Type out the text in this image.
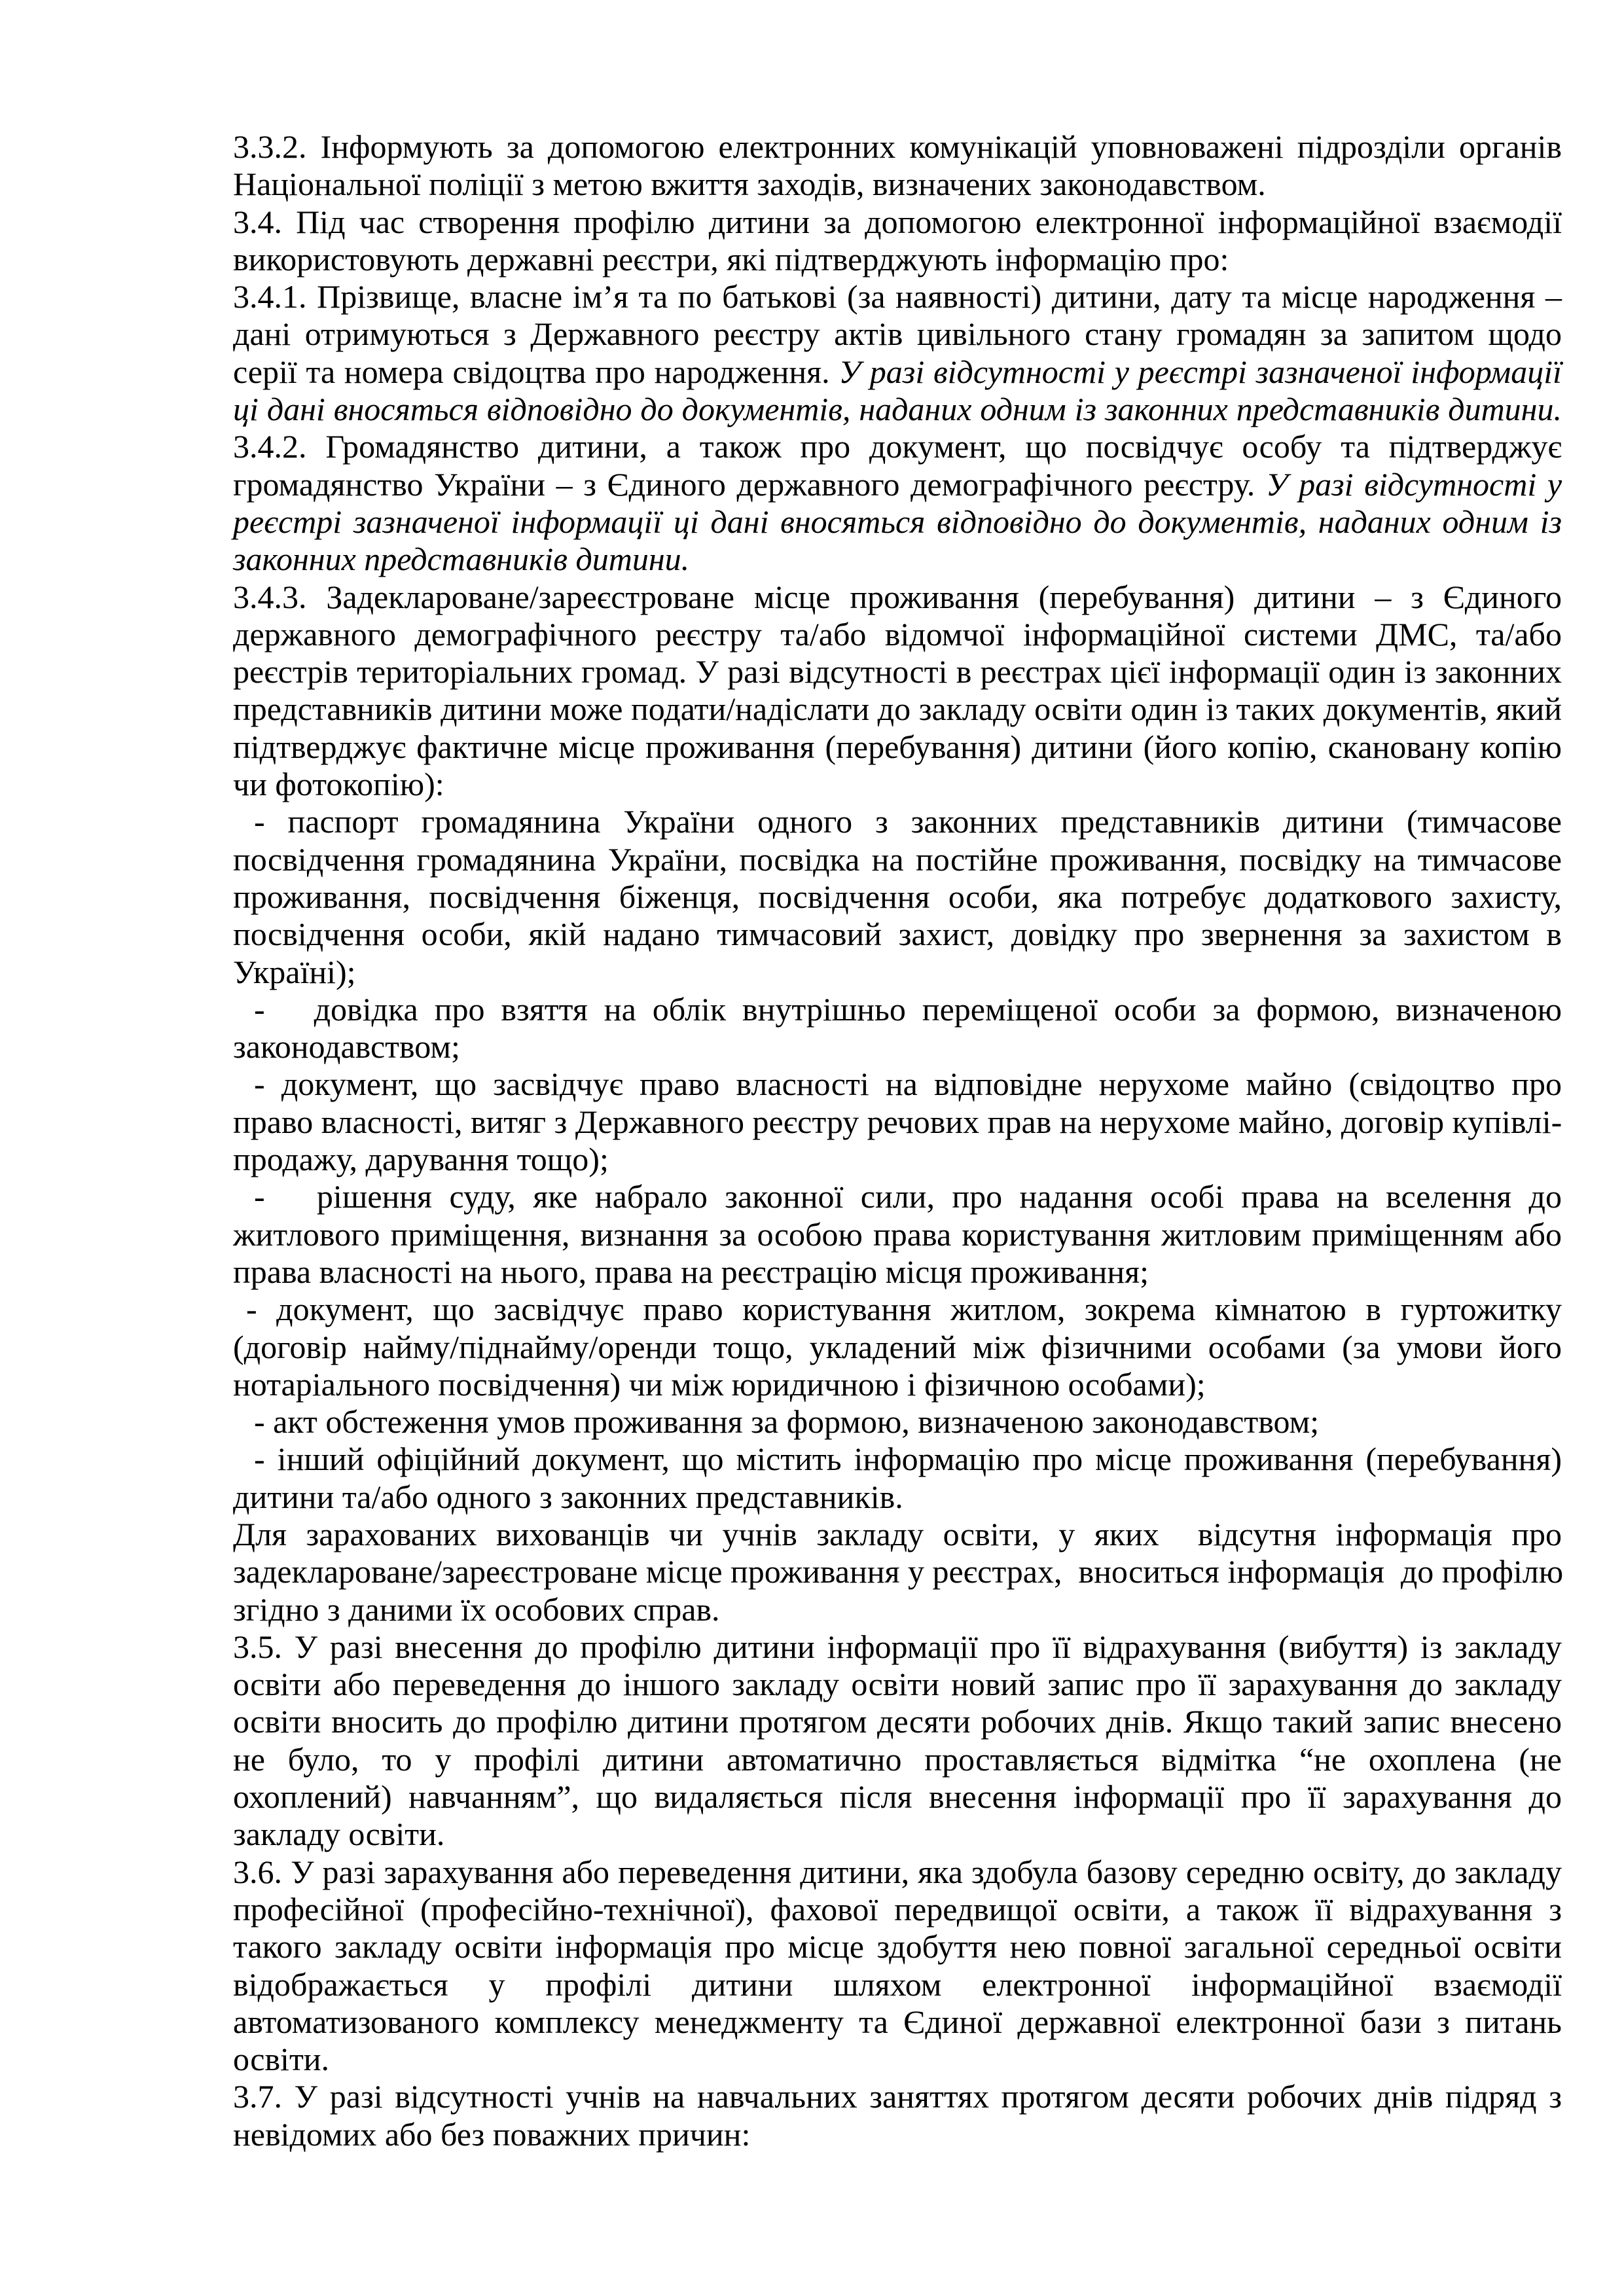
3.3.2. Інформують за допомогою електронних комунікацій уповноважені підрозділи органів
Національної поліції з метою вжиття заходів, визначених законодавством.
3.4. Під час створення профілю дитини за допомогою електронної інформаційної взаємодії
використовують державні реєстри, які підтверджують інформацію про:
3.4.1. Прізвище, власне ім’я та по батькові (за наявності) дитини, дату та місце народження –
дані отримуються з Державного реєстру актів цивільного стану громадян за запитом щодо
серії та номера свідоцтва про народження. У разі відсутності у реєстрі зазначеної інформації
ці дані вносяться відповідно до документів, наданих одним із законних представників дитини.
3.4.2. Громадянство дитини, а також про документ, що посвідчує особу та підтверджує
громадянство України – з Єдиного державного демографічного реєстру. У разі відсутності у
реєстрі зазначеної інформації ці дані вносяться відповідно до документів, наданих одним із
законних представників дитини.
3.4.3. Задекларoване/зареєстроване місце проживання (перебування) дитини – з Єдиного
державного демографічного реєстру та/або відомчої інформаційної системи ДМС, та/або
реєстрів територіальних громад. У разі відсутності в реєстрах цієї інформації один із законних
представників дитини може подати/надіслати до закладу освіти один із таких документів, який
підтверджує фактичне місце проживання (перебування) дитини (його копію, скановану копію
чи фотокопію):
- паспорт громадянина України одного з законних представників дитини (тимчасове
посвідчення громадянина України, посвідка на постійне проживання, посвідку на тимчасове
проживання, посвідчення біженця, посвідчення особи, яка потребує додаткового захисту,
посвідчення особи, якій надано тимчасовий захист, довідку про звернення за захистом в
Україні);
-   довідка про взяття на облік внутрішньо переміщеної особи за формою, визначеною
законодавством;
- документ, що засвідчує право власності на відповідне нерухоме майно (свідоцтво про
право власності, витяг з Державного реєстру речових прав на нерухоме майно, договір купівлі-
продажу, дарування тощо);
-   рішення суду, яке набрало законної сили, про надання особі права на вселення до
житлового приміщення, визнання за особою права користування житловим приміщенням або
права власності на нього, права на реєстрацію місця проживання;
- документ, що засвідчує право користування житлом, зокрема кімнатою в гуртожитку
(договір найму/піднайму/оренди тощо, укладений між фізичними особами (за умови його
нотаріального посвідчення) чи між юридичною і фізичною особами);
- акт обстеження умов проживання за формою, визначеною законодавством;
- інший офіційний документ, що містить інформацію про місце проживання (перебування)
дитини та/або одного з законних представників.
Для зарахованих вихованців чи учнів закладу освіти, у яких  відсутня інформація про
задекларoване/зареєстроване місце проживання у реєстрах,  вноситься інформація  до профілю
згідно з даними їх особових справ.
3.5. У разі внесення до профілю дитини інформації про її відрахування (вибуття) із закладу
освіти або переведення до іншого закладу освіти новий запис про її зарахування до закладу
освіти вносить до профілю дитини протягом десяти робочих днів. Якщо такий запис внесено
не було, то у профілі дитини автоматично проставляється відмітка “не охоплена (не
охоплений) навчанням”, що видаляється після внесення інформації про її зарахування до
закладу освіти.
3.6. У разі зарахування або переведення дитини, яка здобула базову середню освіту, до закладу
професійної (професійно-технічної), фахової передвищої освіти, а також її відрахування з
такого закладу освіти інформація про місце здобуття нею повної загальної середньої освіти
відображається у профілі дитини шляхом електронної інформаційної взаємодії
автоматизованого комплексу менеджменту та Єдиної державної електронної бази з питань
освіти.
3.7. У разі відсутності учнів на навчальних заняттях протягом десяти робочих днів підряд з
невідомих або без поважних причин:
